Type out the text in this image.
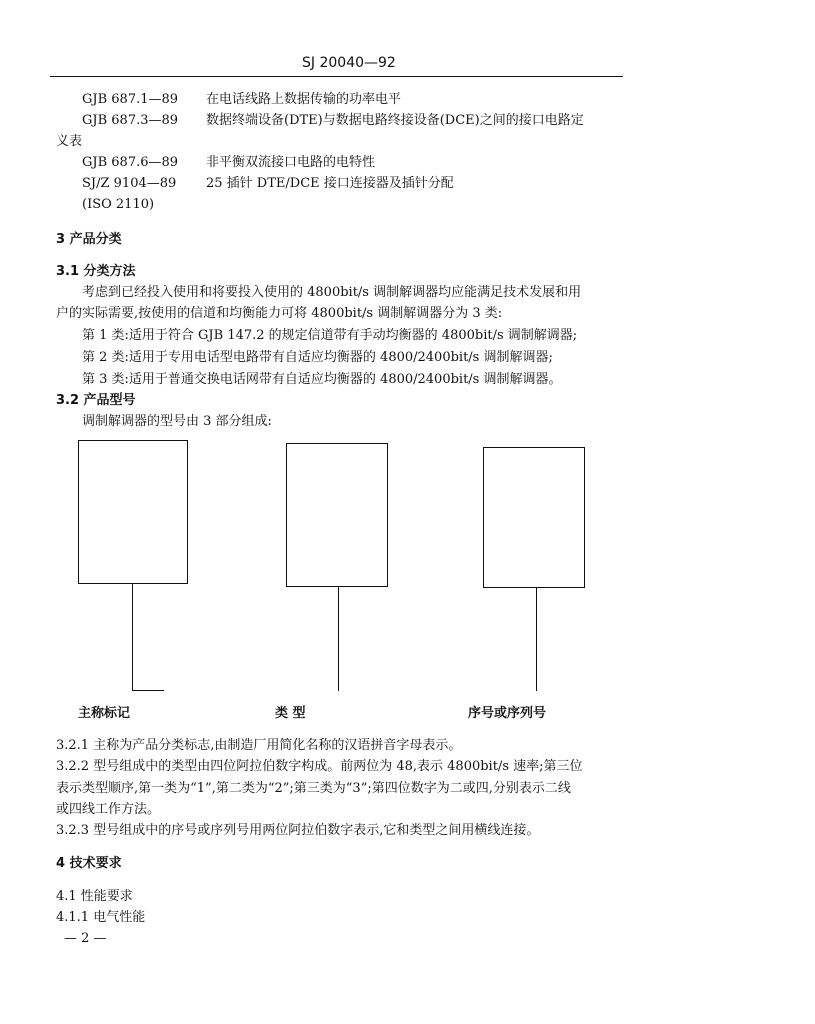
SJ 20040—92
GJB 687.1—89 在电话线路上数据传输的功率电平
GJB 687.3—89 数据终端设备(DTE)与数据电路终接设备(DCE)之间的接口电路定
义表
GJB 687.6—89 非平衡双流接口电路的电特性
SJ/Z 9104—89 25 插针 DTE/DCE 接口连接器及插针分配
(ISO 2110)
3 产品分类
3.1 分类方法
考虑到已经投入使用和将要投入使用的 4800bit/s 调制解调器均应能满足技术发展和用
户的实际需要,按使用的信道和均衡能力可将 4800bit/s 调制解调器分为 3 类:
第 1 类:适用于符合 GJB 147.2 的规定信道带有手动均衡器的 4800bit/s 调制解调器;
第 2 类:适用于专用电话型电路带有自适应均衡器的 4800/2400bit/s 调制解调器;
第 3 类:适用于普通交换电话网带有自适应均衡器的 4800/2400bit/s 调制解调器。
3.2 产品型号
调制解调器的型号由 3 部分组成:
主称标记	类 型	序号或序列号
3.2.1 主称为产品分类标志,由制造厂用简化名称的汉语拼音字母表示。
3.2.2 型号组成中的类型由四位阿拉伯数字构成。前两位为 48,表示 4800bit/s 速率;第三位
表示类型顺序,第一类为“1”,第二类为“2”;第三类为“3”;第四位数字为二或四,分别表示二线
或四线工作方法。
3.2.3 型号组成中的序号或序列号用两位阿拉伯数字表示,它和类型之间用横线连接。
4 技术要求
4.1 性能要求
4.1.1 电气性能
— 2 —
